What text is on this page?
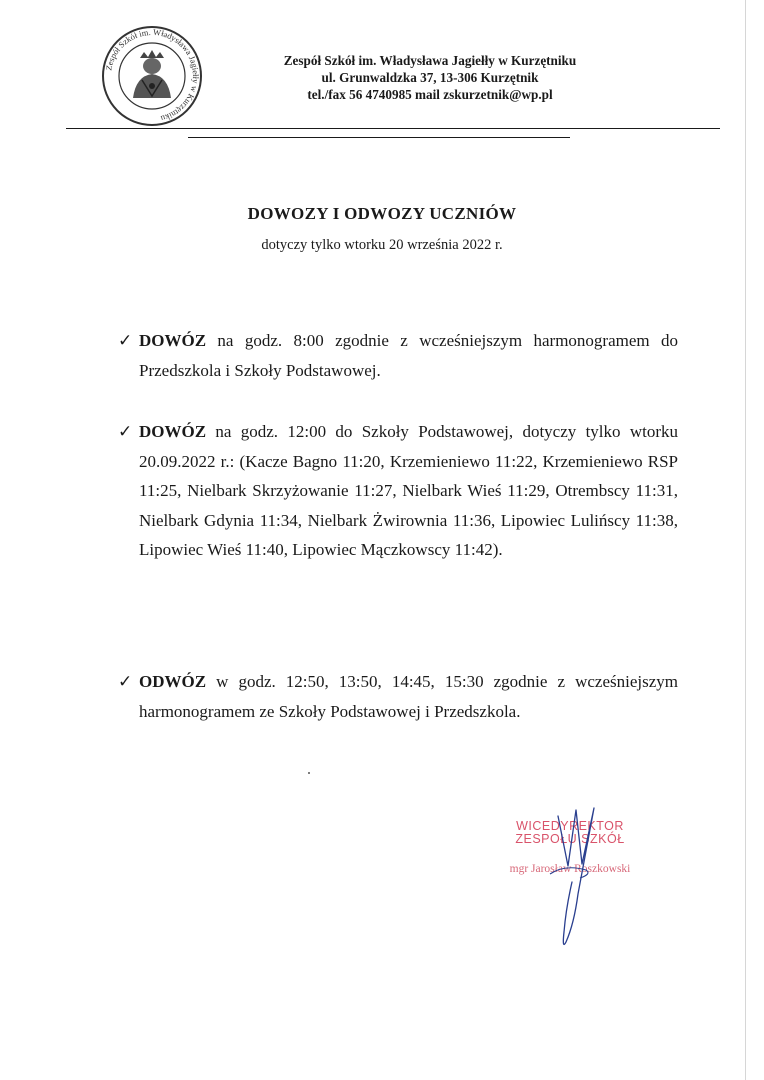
Zespół Szkół im. Władysława Jagiełły w Kurzętniku
Zespół Szkół im. Władysława Jagiełły w Kurzętniku
ul. Grunwaldzka 37, 13-306 Kurzętnik
tel./fax 56 4740985 mail zskurzetnik@wp.pl
DOWOZY I ODWOZY UCZNIÓW
dotyczy tylko wtorku 20 września 2022 r.
✓ DOWÓZ na godz. 8:00 zgodnie z wcześniejszym harmonogramem do Przedszkola i Szkoły Podstawowej.
✓ DOWÓZ na godz. 12:00 do Szkoły Podstawowej, dotyczy tylko wtorku 20.09.2022 r.: (Kacze Bagno 11:20, Krzemieniewo 11:22, Krzemieniewo RSP 11:25, Nielbark Skrzyżowanie 11:27, Nielbark Wieś 11:29, Otrembscy 11:31, Nielbark Gdynia 11:34, Nielbark Żwirownia 11:36, Lipowiec Lulińscy 11:38, Lipowiec Wieś 11:40, Lipowiec Mączkowscy 11:42).
✓ ODWÓZ w godz. 12:50, 13:50, 14:45, 15:30 zgodnie z wcześniejszym harmonogramem ze Szkoły Podstawowej i Przedszkola.
WICEDYREKTOR
ZESPOŁU SZKÓŁ
mgr Jarosław Roszkowski
